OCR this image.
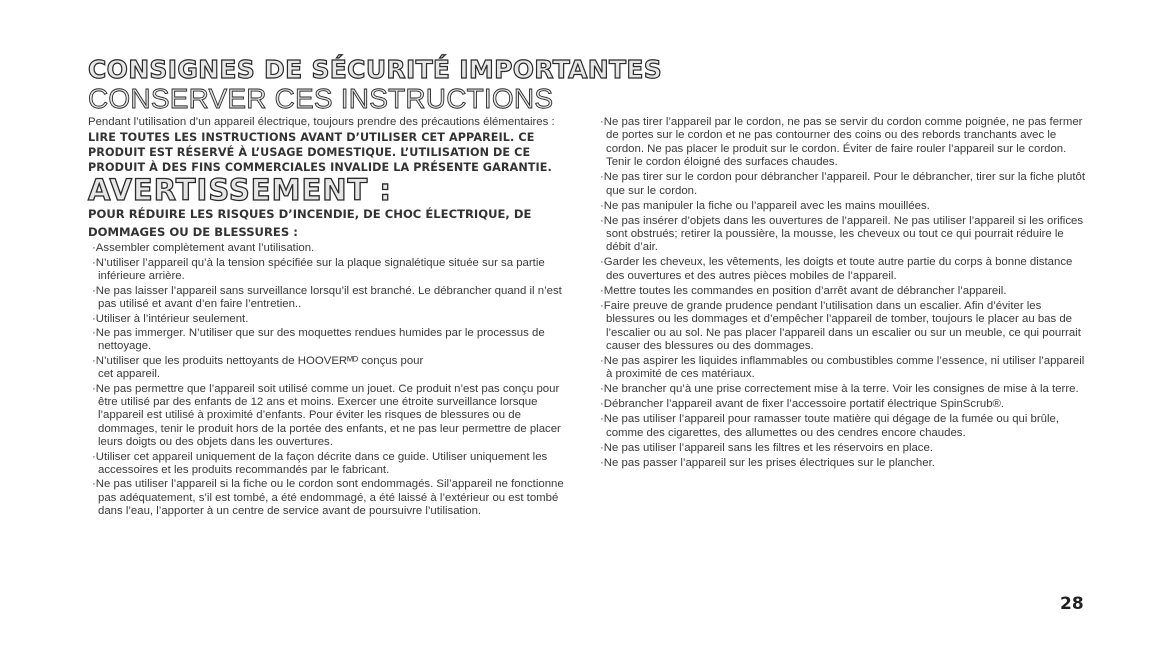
CONSIGNES DE SÉCURITÉ IMPORTANTES
CONSERVER CES INSTRUCTIONS

Pendant l’utilisation d’un appareil électrique, toujours prendre des précautions élémentaires :

LIRE TOUTES LES INSTRUCTIONS AVANT D’UTILISER CET APPAREIL. CE PRODUIT EST RÉSERVÉ À L’USAGE DOMESTIQUE. L’UTILISATION DE CE PRODUIT À DES FINS COMMERCIALES INVALIDE LA PRÉSENTE GARANTIE.

AVERTISSEMENT :

POUR RÉDUIRE LES RISQUES D’INCENDIE, DE CHOC ÉLECTRIQUE, DE DOMMAGES OU DE BLESSURES :

·Assembler complètement avant l’utilisation.
·N’utiliser l’appareil qu’à la tension spécifiée sur la plaque signalétique située sur sa partie inférieure arrière.
·Ne pas laisser l’appareil sans surveillance lorsqu’il est branché. Le débrancher quand il n’est pas utilisé et avant d’en faire l’entretien..
·Utiliser à l’intérieur seulement.
·Ne pas immerger. N’utiliser que sur des moquettes rendues humides par le processus de nettoyage.
·N’utiliser que les produits nettoyants de HOOVERᴹᴰ conçus pour
cet appareil.
·Ne pas permettre que l’appareil soit utilisé comme un jouet. Ce produit n’est pas conçu pour être utilisé par des enfants de 12 ans et moins. Exercer une étroite surveillance lorsque l’appareil est utilisé à proximité d’enfants. Pour éviter les risques de blessures ou de dommages, tenir le produit hors de la portée des enfants, et ne pas leur permettre de placer leurs doigts ou des objets dans les ouvertures.
·Utiliser cet appareil uniquement de la façon décrite dans ce guide. Utiliser uniquement les accessoires et les produits recommandés par le fabricant.
·Ne pas utiliser l’appareil si la fiche ou le cordon sont endommagés. Sil’appareil ne fonctionne pas adéquatement, s’il est tombé, a été endommagé, a été laissé à l’extérieur ou est tombé dans l’eau, l’apporter à un centre de service avant de poursuivre l’utilisation.
·Ne pas tirer l’appareil par le cordon, ne pas se servir du cordon comme poignée, ne pas fermer de portes sur le cordon et ne pas contourner des coins ou des rebords tranchants avec le cordon. Ne pas placer le produit sur le cordon. Éviter de faire rouler l’appareil sur le cordon. Tenir le cordon éloigné des surfaces chaudes.
·Ne pas tirer sur le cordon pour débrancher l’appareil. Pour le débrancher, tirer sur la fiche plutôt que sur le cordon.
·Ne pas manipuler la fiche ou l’appareil avec les mains mouillées.
·Ne pas insérer d’objets dans les ouvertures de l’appareil. Ne pas utiliser l’appareil si les orifices sont obstrués; retirer la poussière, la mousse, les cheveux ou tout ce qui pourrait réduire le débit d’air.
·Garder les cheveux, les vêtements, les doigts et toute autre partie du corps à bonne distance des ouvertures et des autres pièces mobiles de l’appareil.
·Mettre toutes les commandes en position d’arrêt avant de débrancher l’appareil.
·Faire preuve de grande prudence pendant l’utilisation dans un escalier. Afin d’éviter les blessures ou les dommages et d’empêcher l’appareil de tomber, toujours le placer au bas de l’escalier ou au sol. Ne pas placer l’appareil dans un escalier ou sur un meuble, ce qui pourrait causer des blessures ou des dommages.
·Ne pas aspirer les liquides inflammables ou combustibles comme l’essence, ni utiliser l’appareil à proximité de ces matériaux.
·Ne brancher qu’à une prise correctement mise à la terre. Voir les consignes de mise à la terre.
·Débrancher l’appareil avant de fixer l’accessoire portatif électrique SpinScrub®.
·Ne pas utiliser l’appareil pour ramasser toute matière qui dégage de la fumée ou qui brûle, comme des cigarettes, des allumettes ou des cendres encore chaudes.
·Ne pas utiliser l’appareil sans les filtres et les réservoirs en place.
·Ne pas passer l’appareil sur les prises électriques sur le plancher.
28
